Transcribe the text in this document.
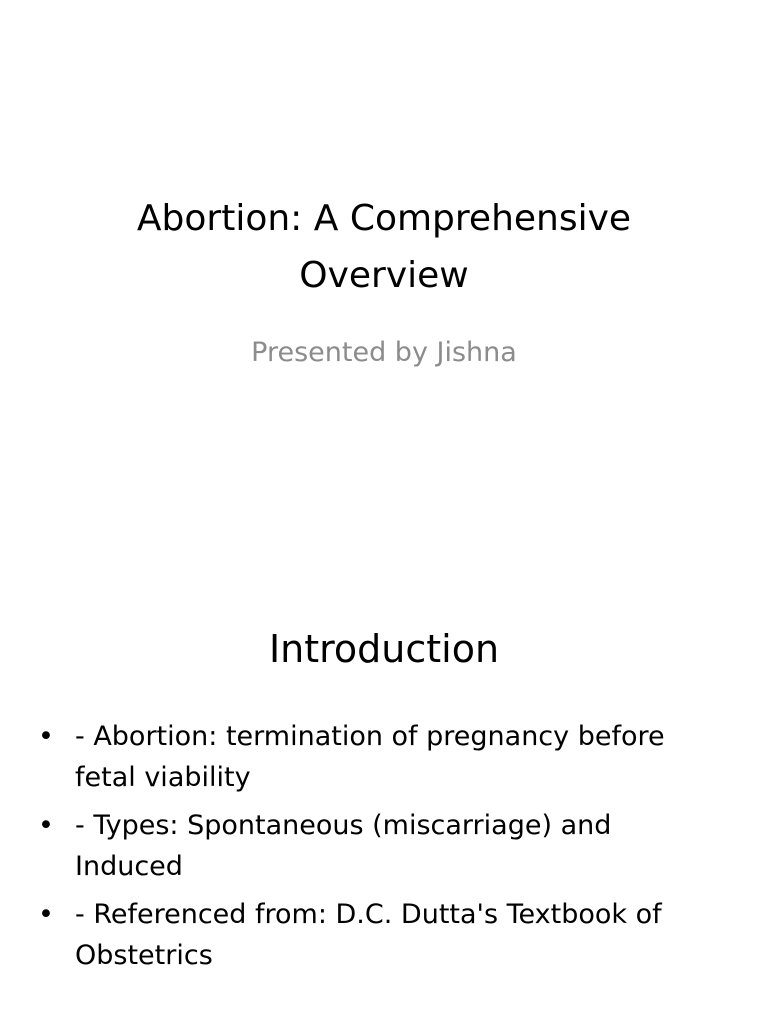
Abortion: A Comprehensive Overview

Presented by Jishna

Introduction
• - Abortion: termination of pregnancy before fetal viability
• - Types: Spontaneous (miscarriage) and Induced
• - Referenced from: D.C. Dutta's Textbook of Obstetrics
